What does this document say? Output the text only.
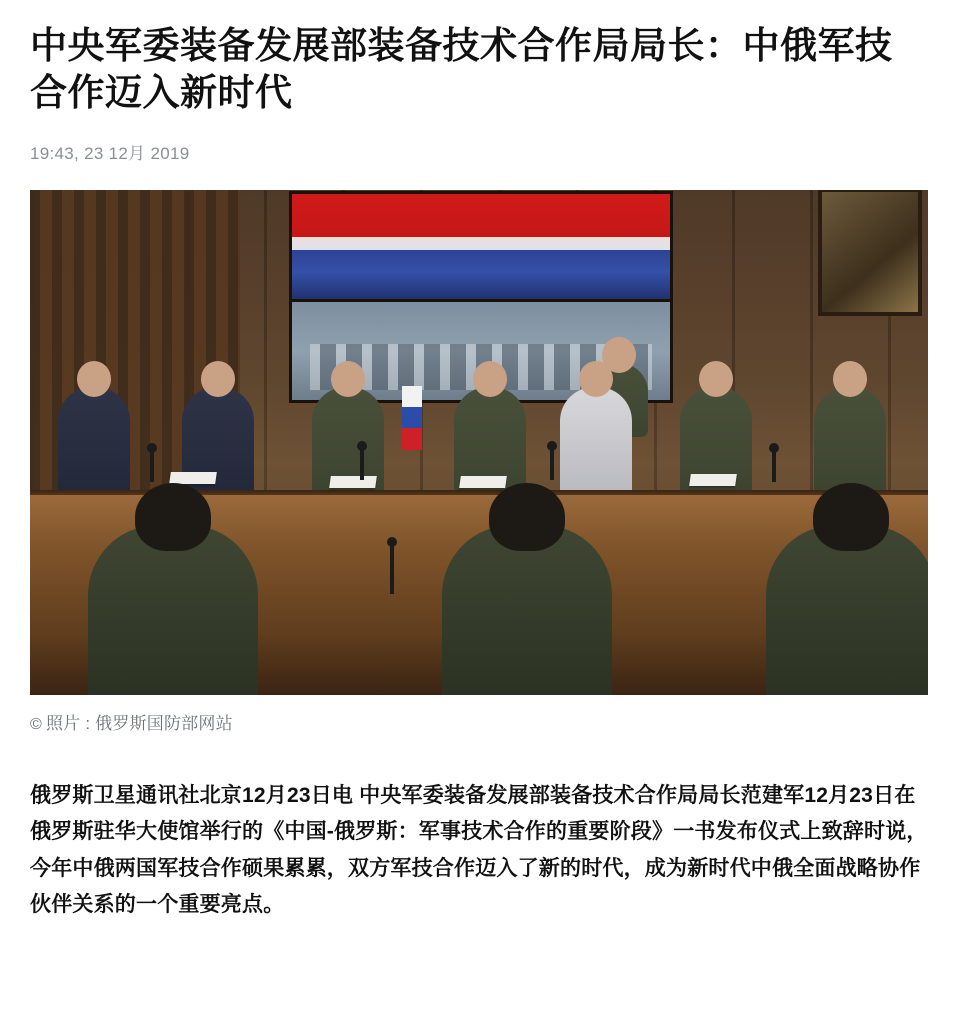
中央军委装备发展部装备技术合作局局长：中俄军技合作迈入新时代
19:43, 23 12月 2019
© 照片 : 俄罗斯国防部网站

俄罗斯卫星通讯社北京12月23日电 中央军委装备发展部装备技术合作局局长范建军12月23日在俄罗斯驻华大使馆举行的《中国-俄罗斯：军事技术合作的重要阶段》一书发布仪式上致辞时说，今年中俄两国军技合作硕果累累，双方军技合作迈入了新的时代，成为新时代中俄全面战略协作伙伴关系的一个重要亮点。
